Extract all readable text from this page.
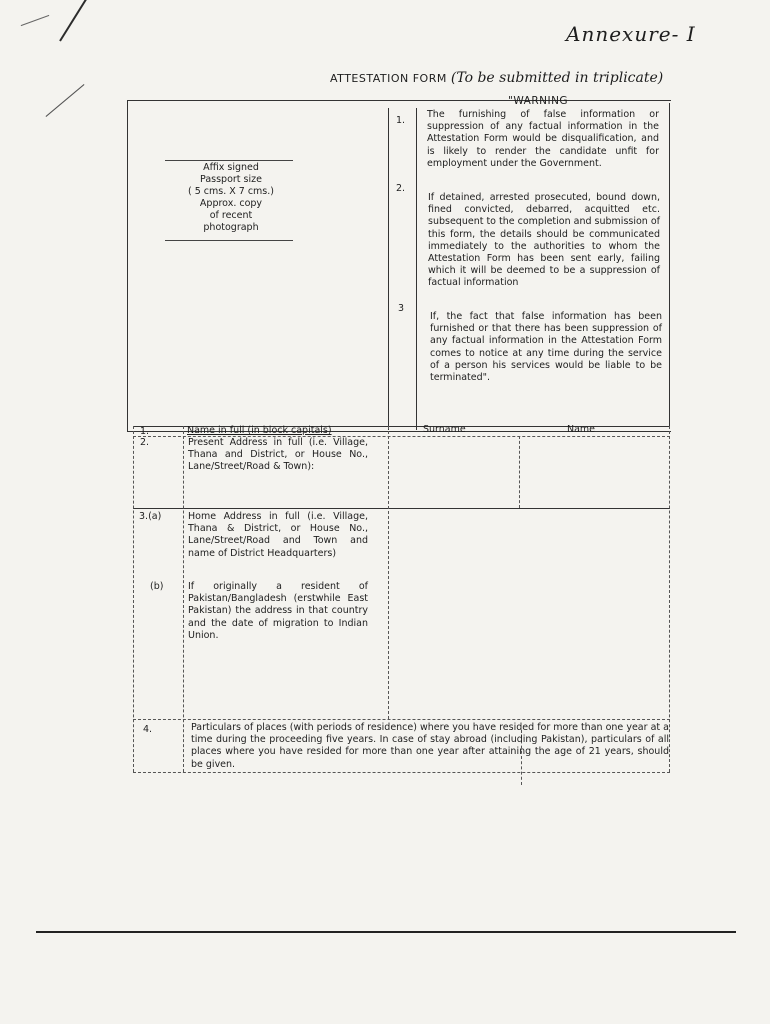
Annexure- I
ATTESTATION FORM (To be submitted in triplicate)
Affix signed
Passport size
( 5 cms. X 7 cms.)
Approx. copy
of recent
photograph
"WARNING
1.
The furnishing of false information or suppression of any factual information in the Attestation Form would be disqualification, and is likely to render the candidate unfit for employment under the Government.
2.
If detained, arrested prosecuted, bound down, fined convicted, debarred, acquitted etc. subsequent to the completion and submission of this form, the details should be communicated immediately to the authorities to whom the Attestation Form has been sent early, failing which it will be deemed to be a suppression of factual information
3
If, the fact that false information has been furnished or that there has been suppression of any factual information in the Attestation Form comes to notice at any time during the service of a person his services would be liable to be terminated".
1.	Name in full (in block capitals)	Surname	Name
2.	Present Address in full (i.e. Village, Thana and District, or House No., Lane/Street/Road & Town):
3.(a)	Home Address in full (i.e. Village, Thana & District, or House No., Lane/Street/Road and Town and name of District Headquarters)
(b)	If originally a resident of Pakistan/Bangladesh (erstwhile East Pakistan) the address in that country and the date of migration to Indian Union.
4.	Particulars of places (with periods of residence) where you have resided for more than one year at a time during the proceeding five years. In case of stay abroad (including Pakistan), particulars of all places where you have resided for more than one year after attaining the age of 21 years, should be given.
